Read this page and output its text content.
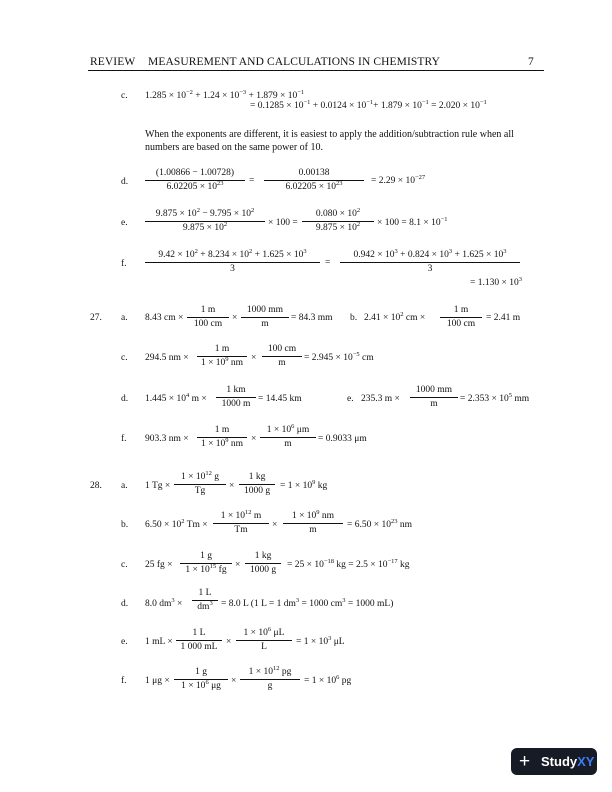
REVIEW MEASUREMENT AND CALCULATIONS IN CHEMISTRY	7
c. $1.285 \times 10^{-2} + 1.24 \times 10^{-3} + 1.879 \times 10^{-1}$
= $0.1285 \times 10^{-1} + 0.0124 \times 10^{-1}+ 1.879 \times 10^{-1} = 2.020 \times 10^{-1}$
When the exponents are different, it is easiest to apply the addition/subtraction rule when all numbers are based on the same power of 10.
d.
(1.00866 − 1.00728)
$6.02205 \times 10^{23}$	=
0.00138
$6.02205 \times 10^{23}$	= $2.29 \times 10^{-27}$
e.
$9.875 \times 10^2 - 9.795 \times 10^2$
$9.875 \times 10^2$	× 100 =
$0.080 \times 10^2$
$9.875 \times 10^2$	× $100 = 8.1 \times 10^{-1}$
f.
$9.42 \times 10^2 + 8.234 \times 10^2 + 1.625 \times 10^3$
3
=
$0.942 \times 10^3 + 0.824 \times 10^3 + 1.625 \times 10^3$
3
= $1.130 \times 10^3$
27. a. 8.43 cm ×
1 m
100 cm
×
1000 mm
m
= 84.3 mm b. $2.41 \times 10^2$ cm ×
1 m
100 cm
= 2.41 m
c. 294.5 nm ×
1 m
$1 \times 10^9$ nm ×
100 cm
m	= $2.945 \times 10^{-5}$ cm
d. $1.445 \times 10^4$ m ×
1 km
1000 m = 14.45 km	e. 235.3 m ×
1000 mm
m	= $2.353 \times 10^5$ mm
f. 903.3 nm ×
1 m
$1 \times 10^9$ nm ×
$1 \times 10^6$ μm
m	= 0.9033 μm
28. a. 1 Tg ×
$1 \times 10^{12}$ g
Tg	×
1 kg
1000 g	= $1 \times 10^9$ kg
b. $6.50 \times 10^2$ Tm ×
$1 \times 10^{12}$ m
Tm	×
$1 \times 10^9$ nm
m	= $6.50 \times 10^{23}$ nm
c. 25 fg ×
1 g
$1 \times 10^{15}$ fg ×
1 kg
1000 g	= $25 \times 10^{-18}$ kg = $2.5 \times 10^{-17}$ kg
d. 8.0 $dm^3$ ×
1 L
$dm^3 = 8.0$ L (1 L = 1 $dm^3 = 1000$ $cm^3 = 1000$ mL)
e. 1 mL ×
1 L
1 000 mL ×
$1 \times 10^6$ μL
L	= $1 \times 10^3$ μL
f. 1 μg ×
1 g
$1 \times 10^6$ μg	×
$1 \times 10^{12}$ pg
g	= $1 \times 10^6$ pg
+ StudyXY
